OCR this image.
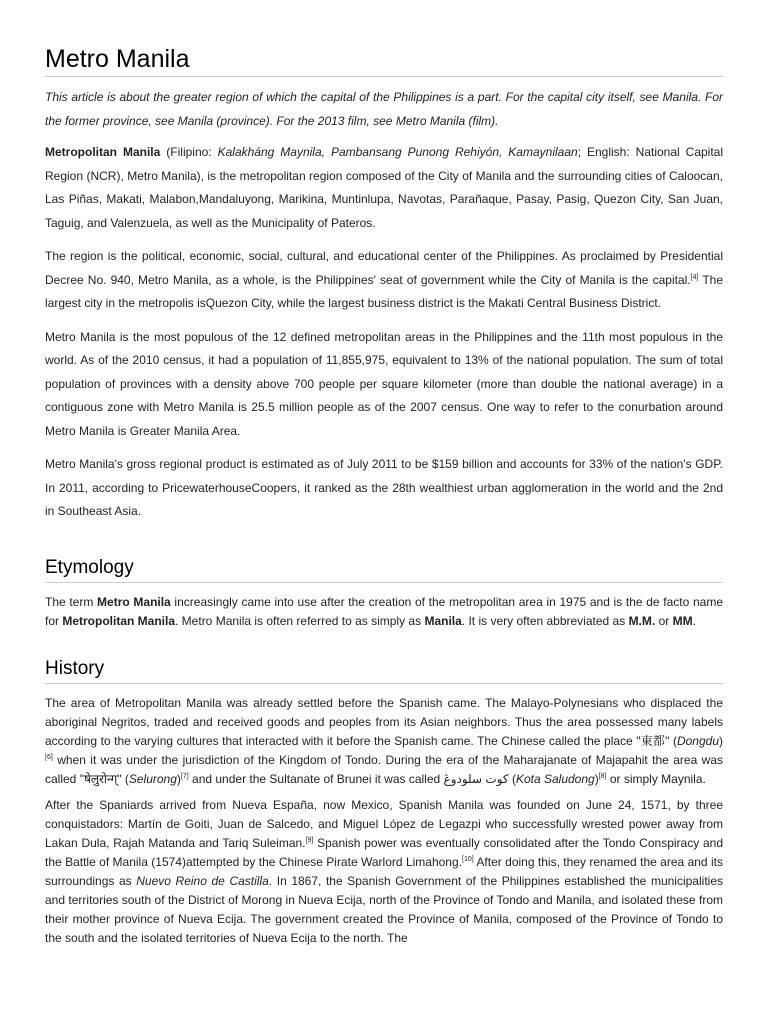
Metro Manila

This article is about the greater region of which the capital of the Philippines is a part. For the capital city itself, see Manila. For the former province, see Manila (province). For the 2013 film, see Metro Manila (film).

Metropolitan Manila (Filipino: Kalakháng Maynila, Pambansang Punong Rehiyón, Kamaynilaan; English: National Capital Region (NCR), Metro Manila), is the metropolitan region composed of the City of Manila and the surrounding cities of Caloocan, Las Piñas, Makati, Malabon,Mandaluyong, Marikina, Muntinlupa, Navotas, Parañaque, Pasay, Pasig, Quezon City, San Juan, Taguig, and Valenzuela, as well as the Municipality of Pateros.

The region is the political, economic, social, cultural, and educational center of the Philippines. As proclaimed by Presidential Decree No. 940, Metro Manila, as a whole, is the Philippines' seat of government while the City of Manila is the capital.[4] The largest city in the metropolis isQuezon City, while the largest business district is the Makati Central Business District.

Metro Manila is the most populous of the 12 defined metropolitan areas in the Philippines and the 11th most populous in the world. As of the 2010 census, it had a population of 11,855,975, equivalent to 13% of the national population. The sum of total population of provinces with a density above 700 people per square kilometer (more than double the national average) in a contiguous zone with Metro Manila is 25.5 million people as of the 2007 census. One way to refer to the conurbation around Metro Manila is Greater Manila Area.

Metro Manila's gross regional product is estimated as of July 2011 to be $159 billion and accounts for 33% of the nation's GDP. In 2011, according to PricewaterhouseCoopers, it ranked as the 28th wealthiest urban agglomeration in the world and the 2nd in Southeast Asia.

Etymology

The term Metro Manila increasingly came into use after the creation of the metropolitan area in 1975 and is the de facto name for Metropolitan Manila. Metro Manila is often referred to as simply as Manila. It is very often abbreviated as M.M. or MM.

History

The area of Metropolitan Manila was already settled before the Spanish came. The Malayo-Polynesians who displaced the aboriginal Negritos, traded and received goods and peoples from its Asian neighbors. Thus the area possessed many labels according to the varying cultures that interacted with it before the Spanish came. The Chinese called the place "東都" (Dongdu)[6] when it was under the jurisdiction of the Kingdom of Tondo. During the era of the Maharajanate of Majapahit the area was called "षेलुरोन्ग्" (Selurong)[7] and under the Sultanate of Brunei it was called کوت سلودوڠ (Kota Saludong)[8] or simply Maynila.

After the Spaniards arrived from Nueva España, now Mexico, Spanish Manila was founded on June 24, 1571, by three conquistadors: Martín de Goiti, Juan de Salcedo, and Miguel López de Legazpi who successfully wrested power away from Lakan Dula, Rajah Matanda and Tariq Suleiman.[9] Spanish power was eventually consolidated after the Tondo Conspiracy and the Battle of Manila (1574)attempted by the Chinese Pirate Warlord Limahong.[10] After doing this, they renamed the area and its surroundings as Nuevo Reino de Castilla. In 1867, the Spanish Government of the Philippines established the municipalities and territories south of the District of Morong in Nueva Ecija, north of the Province of Tondo and Manila, and isolated these from their mother province of Nueva Ecija. The government created the Province of Manila, composed of the Province of Tondo to the south and the isolated territories of Nueva Ecija to the north. The
